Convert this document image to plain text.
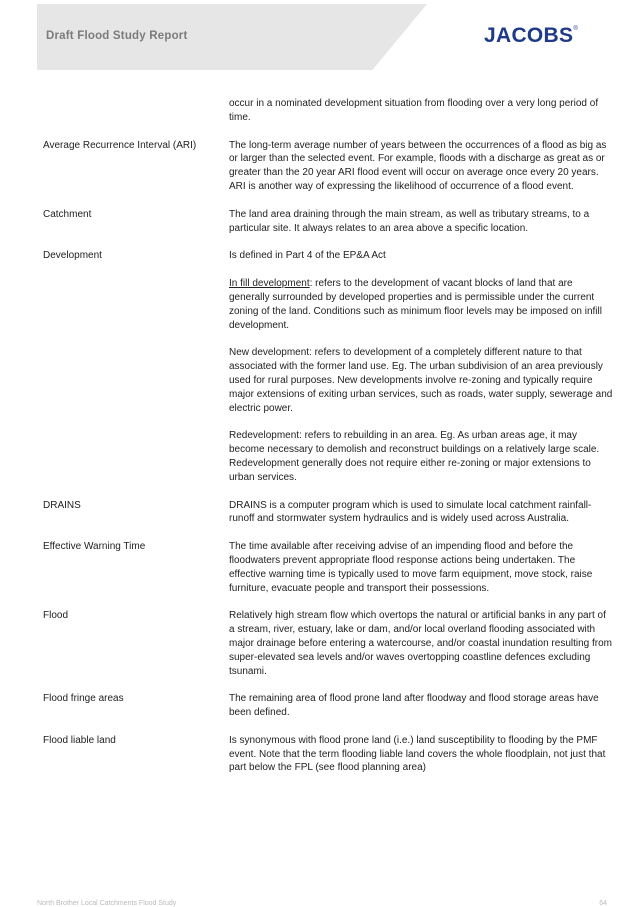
Draft Flood Study Report	JACOBS®

occur in a nominated development situation from flooding over a very long period of time.

Average Recurrence Interval (ARI)	The long-term average number of years between the occurrences of a flood as big as or larger than the selected event. For example, floods with a discharge as great as or greater than the 20 year ARI flood event will occur on average once every 20 years. ARI is another way of expressing the likelihood of occurrence of a flood event.

Catchment	The land area draining through the main stream, as well as tributary streams, to a particular site. It always relates to an area above a specific location.

Development	Is defined in Part 4 of the EP&A Act

In fill development: refers to the development of vacant blocks of land that are generally surrounded by developed properties and is permissible under the current zoning of the land. Conditions such as minimum floor levels may be imposed on infill development.

New development: refers to development of a completely different nature to that associated with the former land use. Eg. The urban subdivision of an area previously used for rural purposes. New developments involve re-zoning and typically require major extensions of exiting urban services, such as roads, water supply, sewerage and electric power.

Redevelopment: refers to rebuilding in an area. Eg. As urban areas age, it may become necessary to demolish and reconstruct buildings on a relatively large scale. Redevelopment generally does not require either re-zoning or major extensions to urban services.

DRAINS	DRAINS is a computer program which is used to simulate local catchment rainfall-runoff and stormwater system hydraulics and is widely used across Australia.

Effective Warning Time	The time available after receiving advise of an impending flood and before the floodwaters prevent appropriate flood response actions being undertaken. The effective warning time is typically used to move farm equipment, move stock, raise furniture, evacuate people and transport their possessions.

Flood	Relatively high stream flow which overtops the natural or artificial banks in any part of a stream, river, estuary, lake or dam, and/or local overland flooding associated with major drainage before entering a watercourse, and/or coastal inundation resulting from super-elevated sea levels and/or waves overtopping coastline defences excluding tsunami.

Flood fringe areas	The remaining area of flood prone land after floodway and flood storage areas have been defined.

Flood liable land	Is synonymous with flood prone land (i.e.) land susceptibility to flooding by the PMF event. Note that the term flooding liable land covers the whole floodplain, not just that part below the FPL (see flood planning area)

North Brother Local Catchments Flood Study	64
